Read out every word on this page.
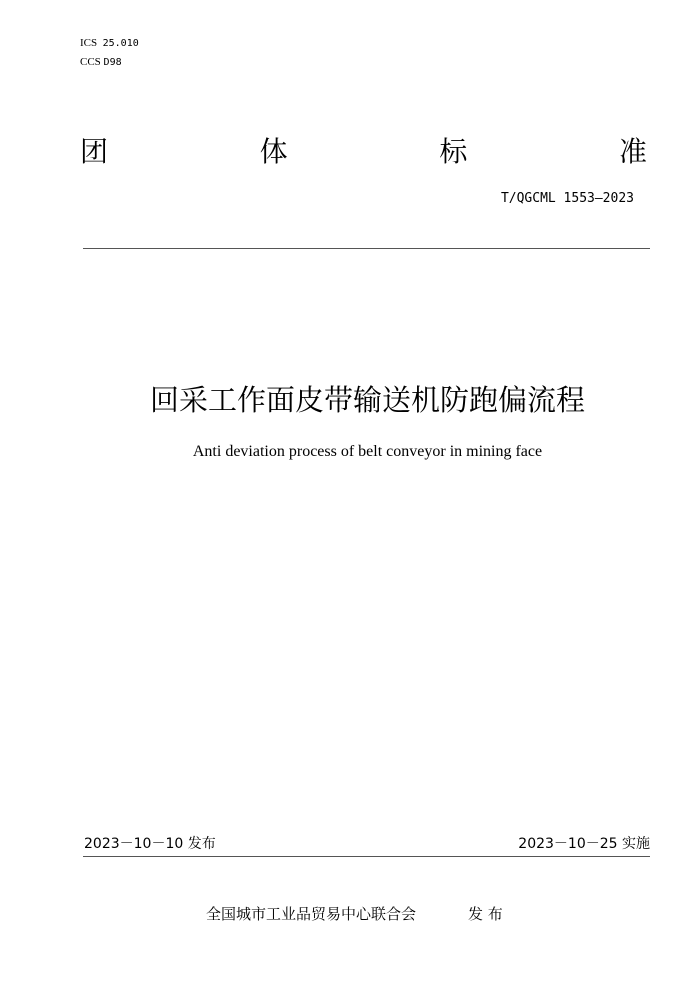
ICS 25.010
CCS D98
团	体	标	准
T/QGCML 1553—2023
回采工作面皮带输送机防跑偏流程
Anti deviation process of belt conveyor in mining face
2023－10－10 发布	2023－10－25 实施
全国城市工业品贸易中心联合会	发 布
